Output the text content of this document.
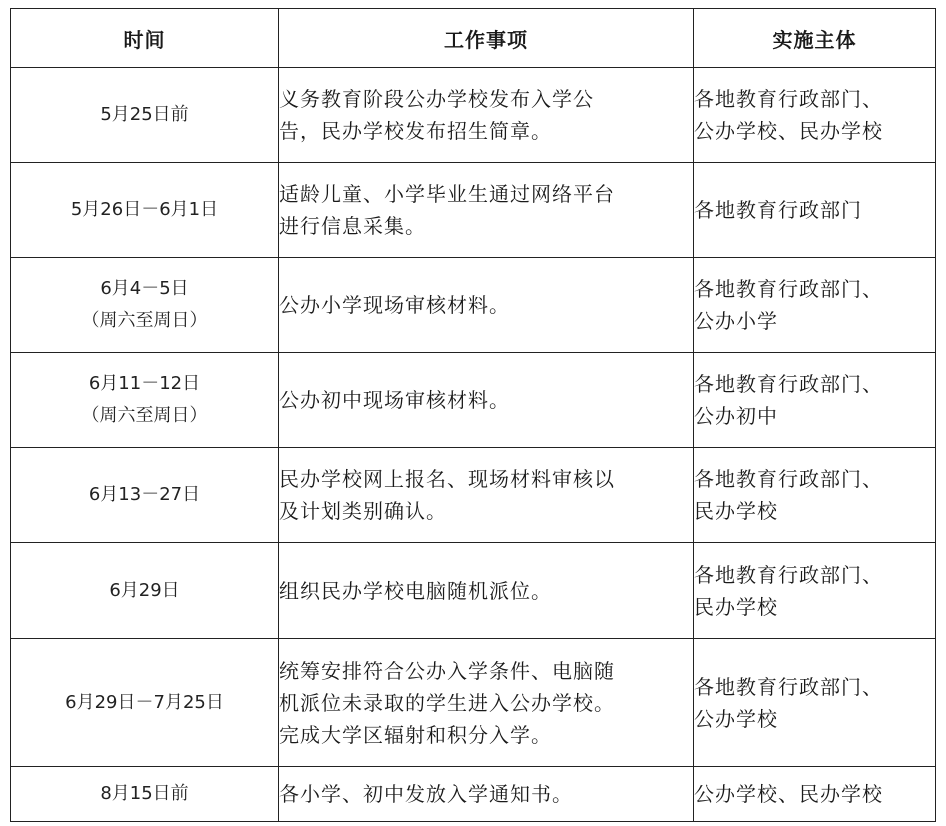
时间	工作事项	实施主体

5月25日前	义务教育阶段公办学校发布入学公
告，民办学校发布招生简章。	各地教育行政部门、
公办学校、民办学校

5月26日－6月1日	适龄儿童、小学毕业生通过网络平台
进行信息采集。	各地教育行政部门

6月4－5日
（周六至周日）	公办小学现场审核材料。	各地教育行政部门、
公办小学

6月11－12日
（周六至周日）	公办初中现场审核材料。	各地教育行政部门、
公办初中

6月13－27日	民办学校网上报名、现场材料审核以
及计划类别确认。	各地教育行政部门、
民办学校

6月29日	组织民办学校电脑随机派位。	各地教育行政部门、
民办学校

6月29日－7月25日	统筹安排符合公办入学条件、电脑随
机派位未录取的学生进入公办学校。
完成大学区辐射和积分入学。	各地教育行政部门、
公办学校

8月15日前	各小学、初中发放入学通知书。	公办学校、民办学校
